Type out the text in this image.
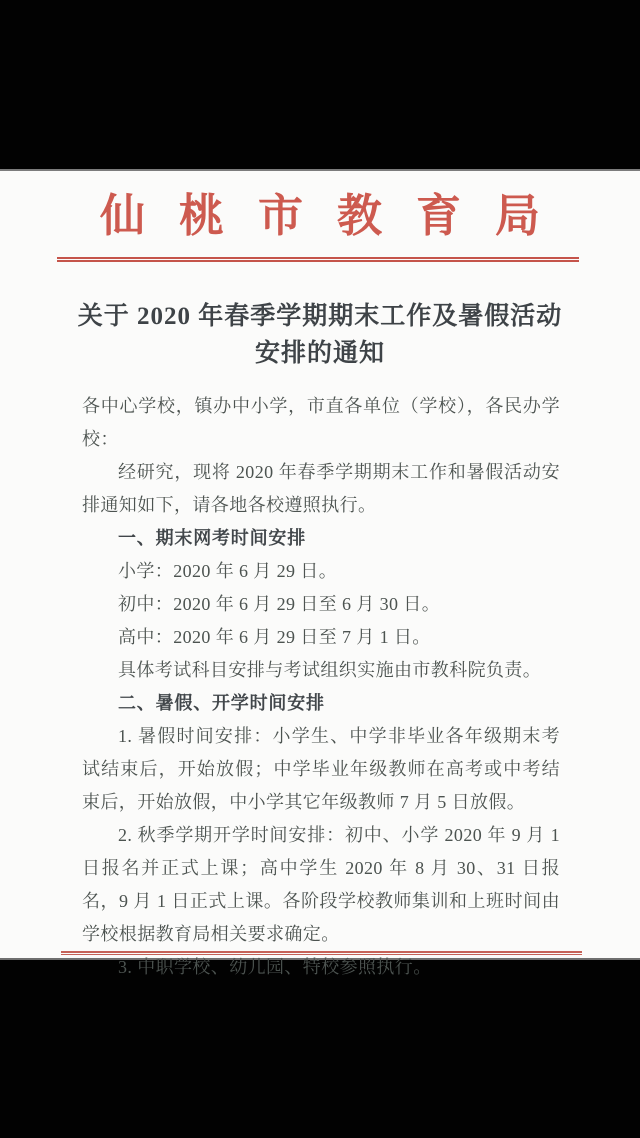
仙桃市教育局
关于 2020 年春季学期期末工作及暑假活动
安排的通知

各中心学校，镇办中小学，市直各单位（学校），各民办学校：

经研究，现将 2020 年春季学期期末工作和暑假活动安排通知如下，请各地各校遵照执行。

一、期末网考时间安排

小学：2020 年 6 月 29 日。

初中：2020 年 6 月 29 日至 6 月 30 日。

高中：2020 年 6 月 29 日至 7 月 1 日。

具体考试科目安排与考试组织实施由市教科院负责。

二、暑假、开学时间安排

1. 暑假时间安排：小学生、中学非毕业各年级期末考试结束后，开始放假；中学毕业年级教师在高考或中考结束后，开始放假，中小学其它年级教师 7 月 5 日放假。

2. 秋季学期开学时间安排：初中、小学 2020 年 9 月 1 日报名并正式上课；高中学生 2020 年 8 月 30、31 日报名，9 月 1 日正式上课。各阶段学校教师集训和上班时间由学校根据教育局相关要求确定。

3. 中职学校、幼儿园、特校参照执行。
